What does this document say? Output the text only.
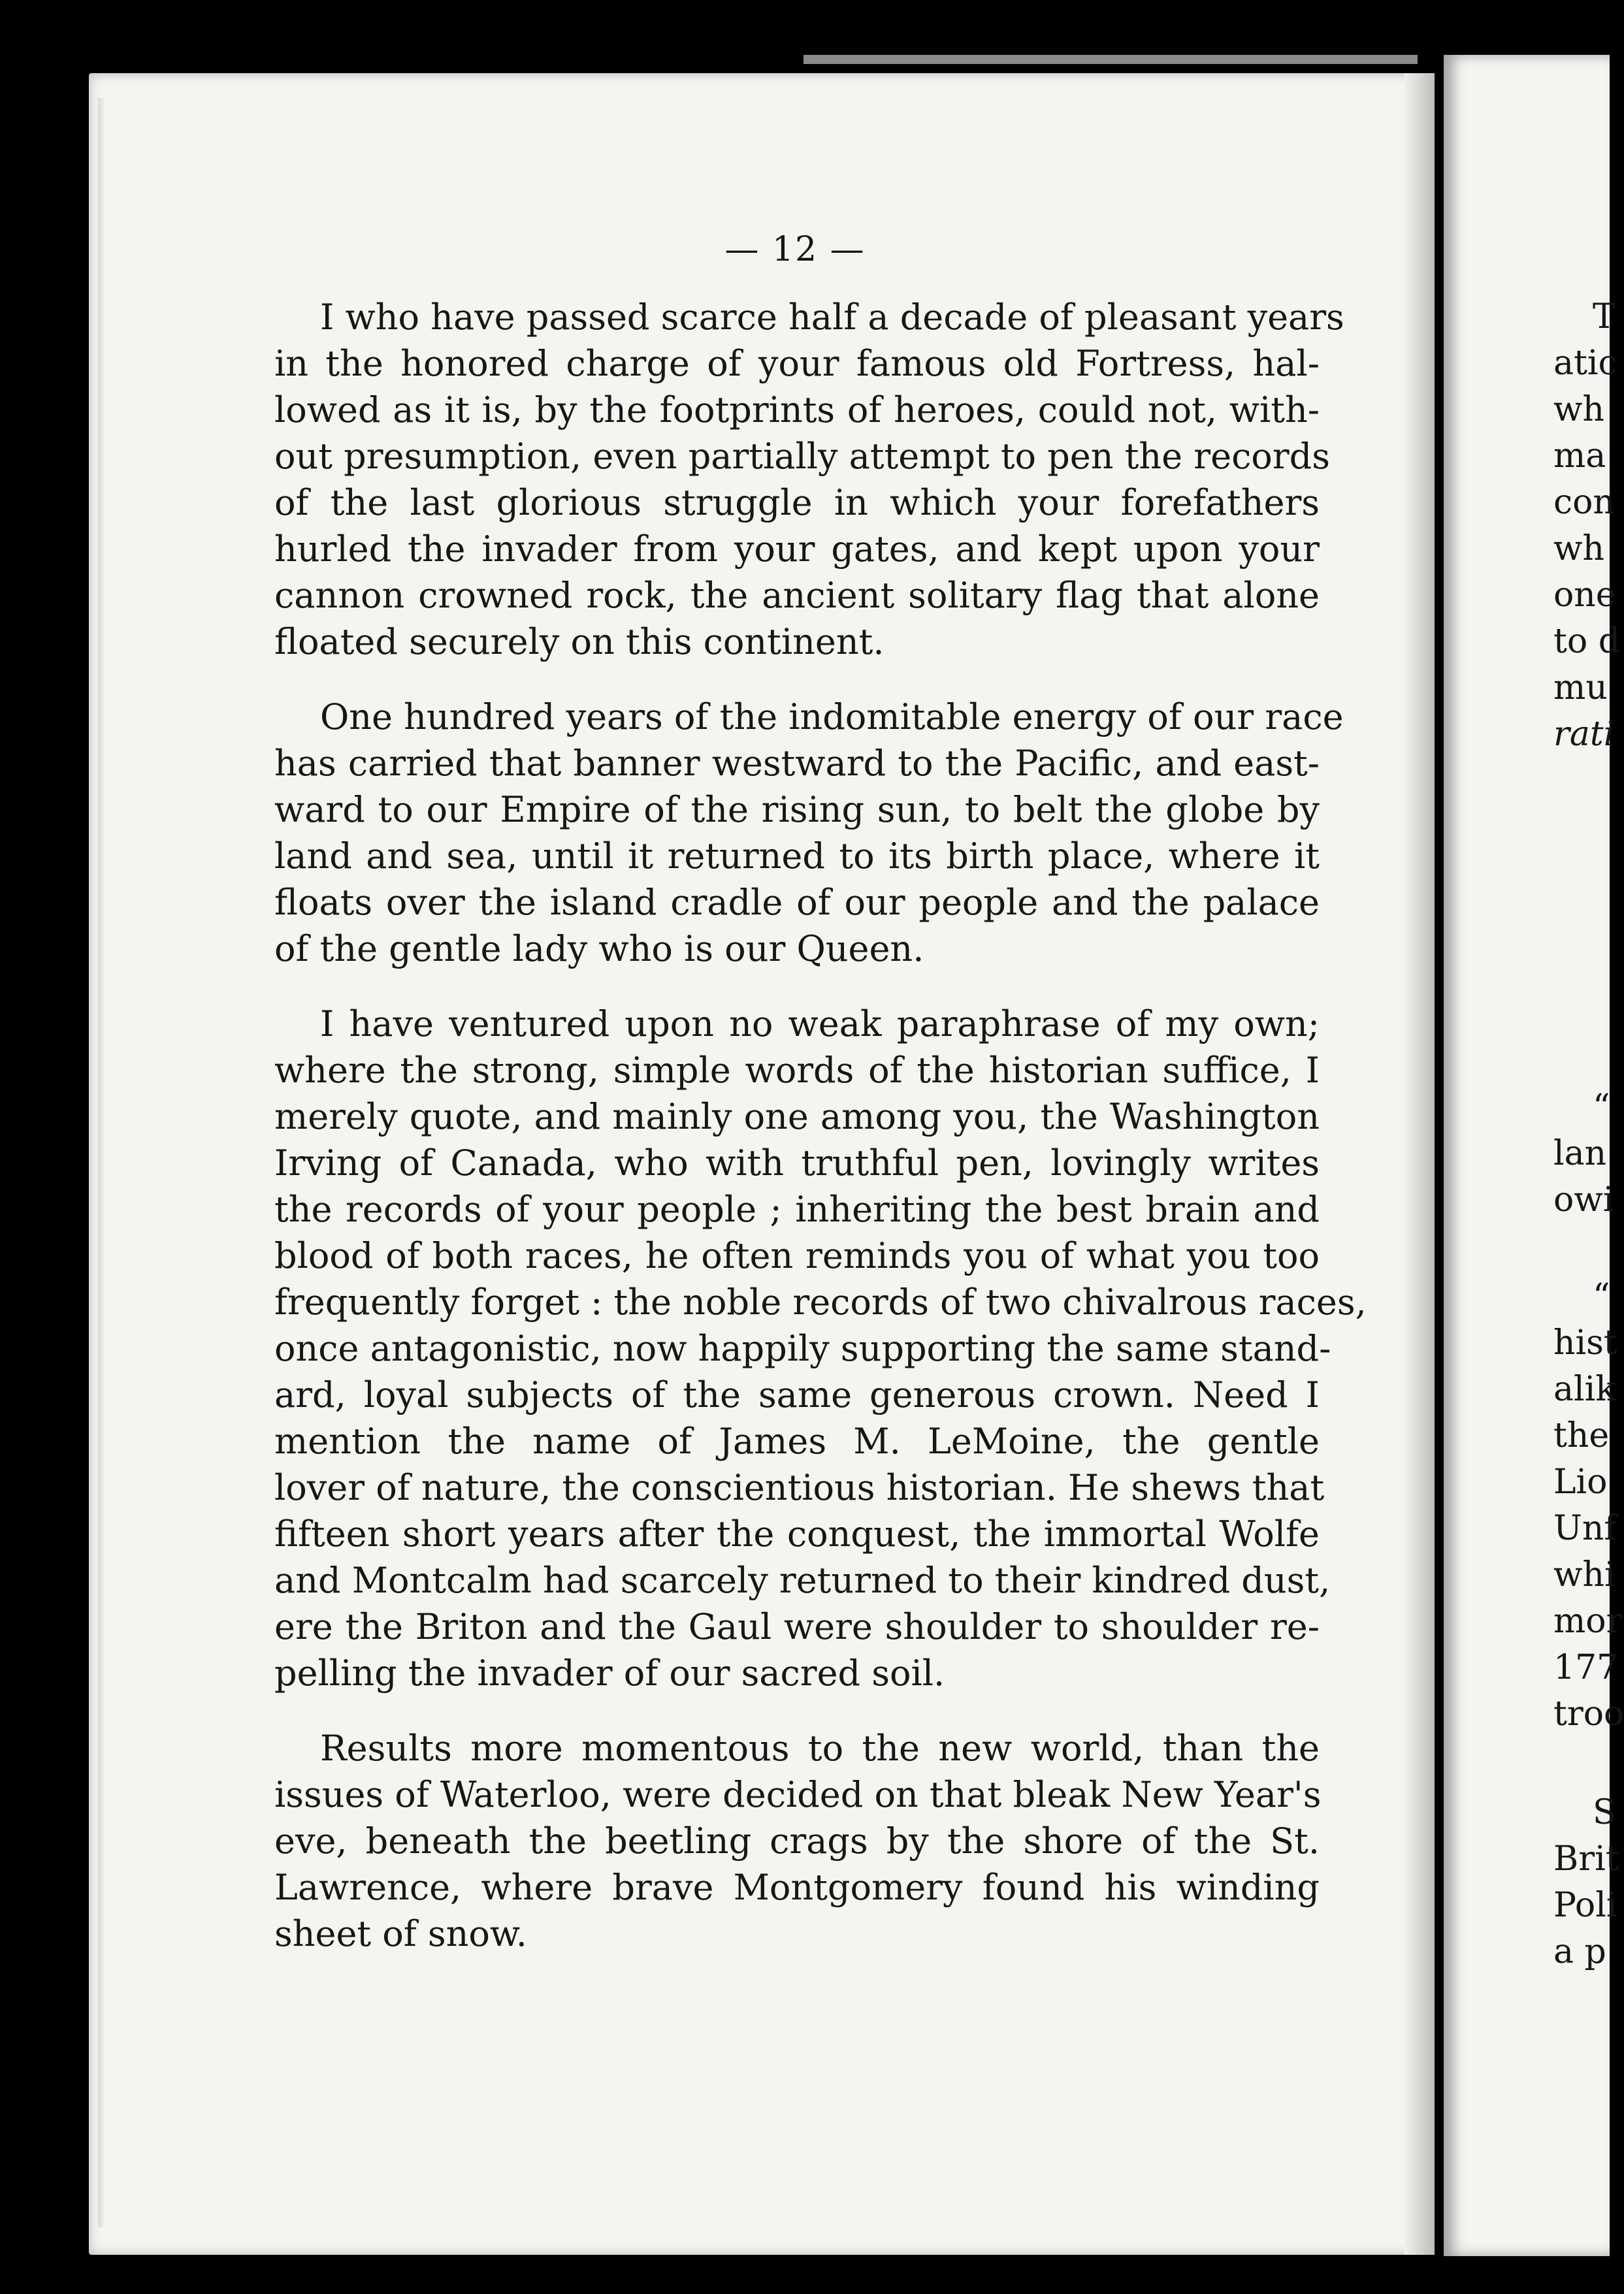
— 12 —
I who have passed scarce half a decade of pleasant years
in the honored charge of your famous old Fortress, hal-
lowed as it is, by the footprints of heroes, could not, with-
out presumption, even partially attempt to pen the records
of the last glorious struggle in which your forefathers
hurled the invader from your gates, and kept upon your
cannon crowned rock, the ancient solitary flag that alone
floated securely on this continent.
One hundred years of the indomitable energy of our race
has carried that banner westward to the Pacific, and east-
ward to our Empire of the rising sun, to belt the globe by
land and sea, until it returned to its birth place, where it
floats over the island cradle of our people and the palace
of the gentle lady who is our Queen.
I have ventured upon no weak paraphrase of my own;
where the strong, simple words of the historian suffice, I
merely quote, and mainly one among you, the Washington
Irving of Canada, who with truthful pen, lovingly writes
the records of your people ; inheriting the best brain and
blood of both races, he often reminds you of what you too
frequently forget : the noble records of two chivalrous races,
once antagonistic, now happily supporting the same stand-
ard, loyal subjects of the same generous crown. Need I
mention the name of James M. LeMoine, the gentle
lover of nature, the conscientious historian. He shews that
fifteen short years after the conquest, the immortal Wolfe
and Montcalm had scarcely returned to their kindred dust,
ere the Briton and the Gaul were shoulder to shoulder re-
pelling the invader of our sacred soil.
Results more momentous to the new world, than the
issues of Waterloo, were decided on that bleak New Year's
eve, beneath the beetling crags by the shore of the St.
Lawrence, where brave Montgomery found his winding
sheet of snow.
T
atic
wh
ma
con
wh
one
to d
mu
rati
“
lan
owi
“
hist
alik
the
Lio
Unf
whi
mor
177
troo
S
Brit
Poli
a p
